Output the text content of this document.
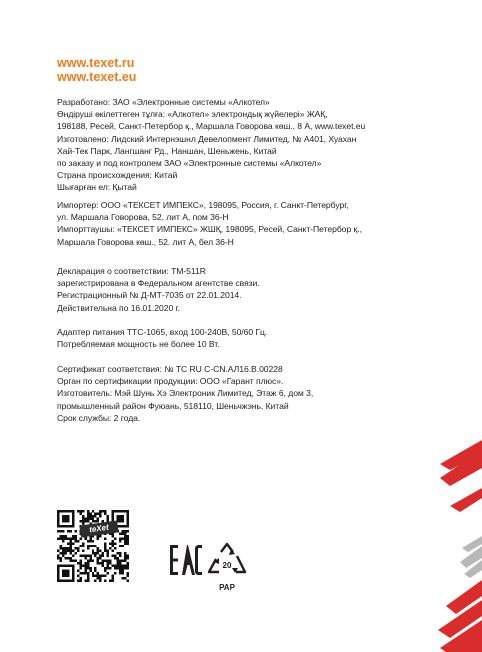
www.texet.ru
www.texet.eu
Разработано: ЗАО «Электронные системы «Алкотел»
Өндіруші өкілеттеген тұлға: «Алкотел» электрондық жүйелері» ЖАҚ,
198188, Ресей, Санкт-Петербор қ., Маршала Говорова көш., 8 А, www.texet.eu
Изготовлено: Лидский Интернэшнл Девелопмент Лимитед, № А401, Хуахан
Хай-Тек Парк, Лангшанг Рд., Наншан, Шеньжень, Китай
по заказу и под контролем ЗАО «Электронные системы «Алкотел»
Страна происхождения: Китай
Шығарған ел: Қытай
Импортер: ООО «ТЕКСЕТ ИМПЕКС», 198095, Россия, г. Санкт-Петербург,
ул. Маршала Говорова, 52, лит А, пом 36-Н
Импорттаушы: «ТЕКСЕТ ИМПЕКС» ЖШҚ, 198095, Ресей, Санкт-Петербор қ.,
Маршала Говорова көш., 52. лит А, бел 36-Н
Декларация о соответствии: ТМ-511R
зарегистрирована в Федеральном агентстве связи.
Регистрационный № Д-МТ-7035 от 22.01.2014.
Действительна по 16.01.2020 г.
Адаптер питания ТТС-1065, вход 100-240В, 50/60 Гц.
Потребляемая мощность не более 10 Вт.
Сертификат соответствия: № ТС RU С-CN.АЛ16.В.00228
Орган по сертификации продукции: ООО «Гарант плюс».
Изготовитель: Мэй Шунь Хэ Электроник Лимитед, Этаж 6, дом 3,
промышленный район Фуюань, 518110, Шеньчжэнь, Китай
Срок службы: 2 года.
teXet
20
PAP
